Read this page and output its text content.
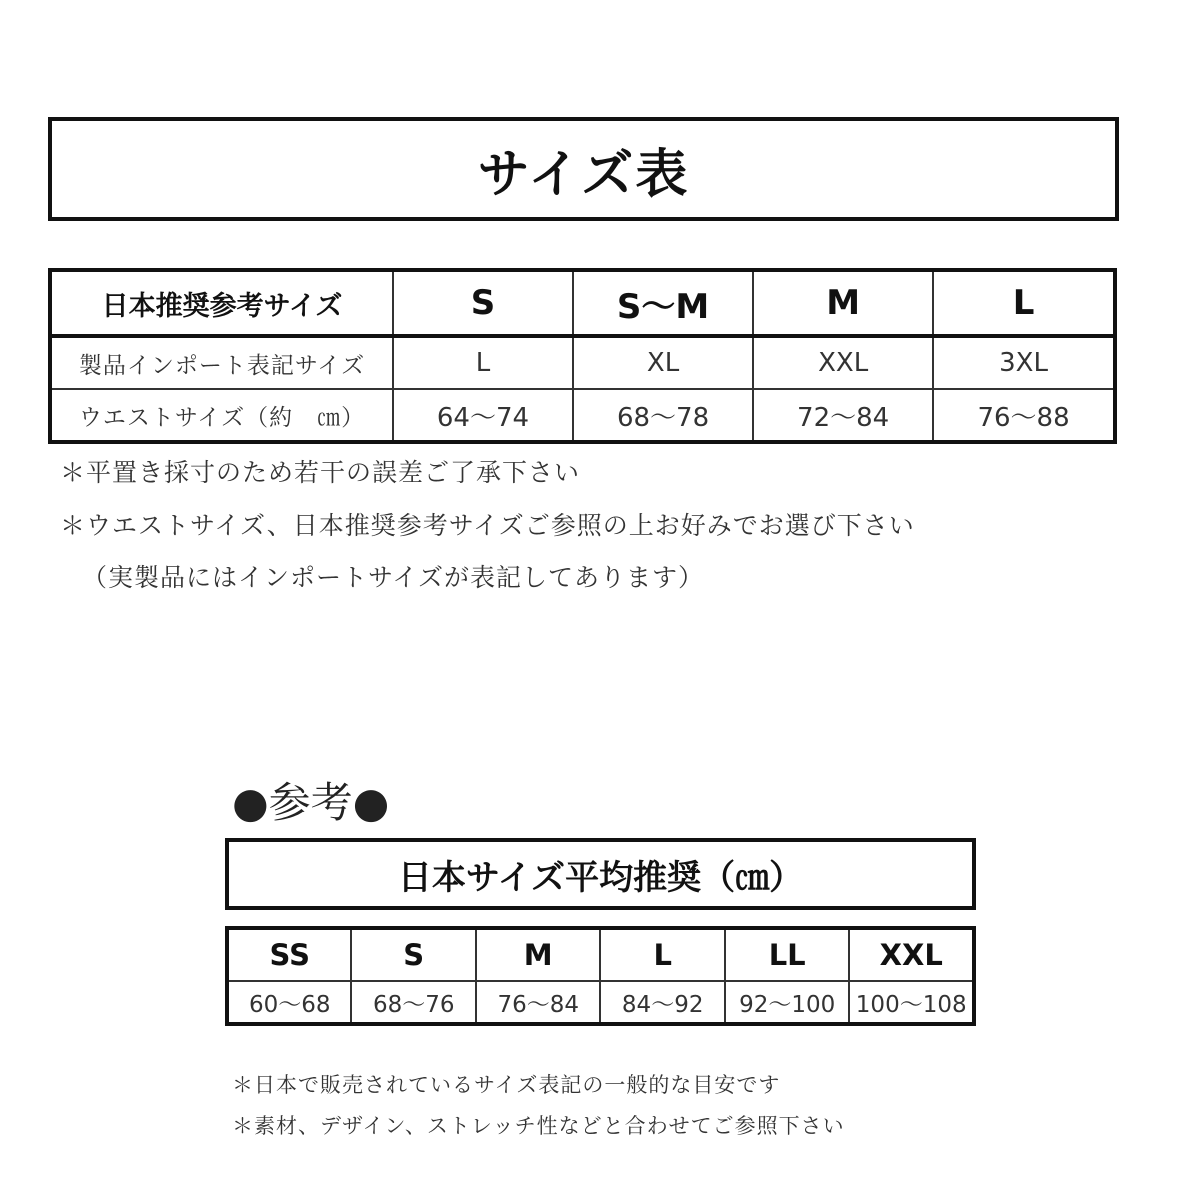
サイズ表
日本推奨参考サイズ	S	S～M	M	L
製品インポート表記サイズ	L	XL	XXL	3XL
ウエストサイズ（約　㎝）	64～74	68～78	72～84	76～88
＊平置き採寸のため若干の誤差ご了承下さい
＊ウエストサイズ、日本推奨参考サイズご参照の上お好みでお選び下さい
（実製品にはインポートサイズが表記してあります）
●参考●
日本サイズ平均推奨（㎝）
SS	S	M	L	LL	XXL
60～68	68～76	76～84	84～92	92～100	100～108
＊日本で販売されているサイズ表記の一般的な目安です
＊素材、デザイン、ストレッチ性などと合わせてご参照下さい
